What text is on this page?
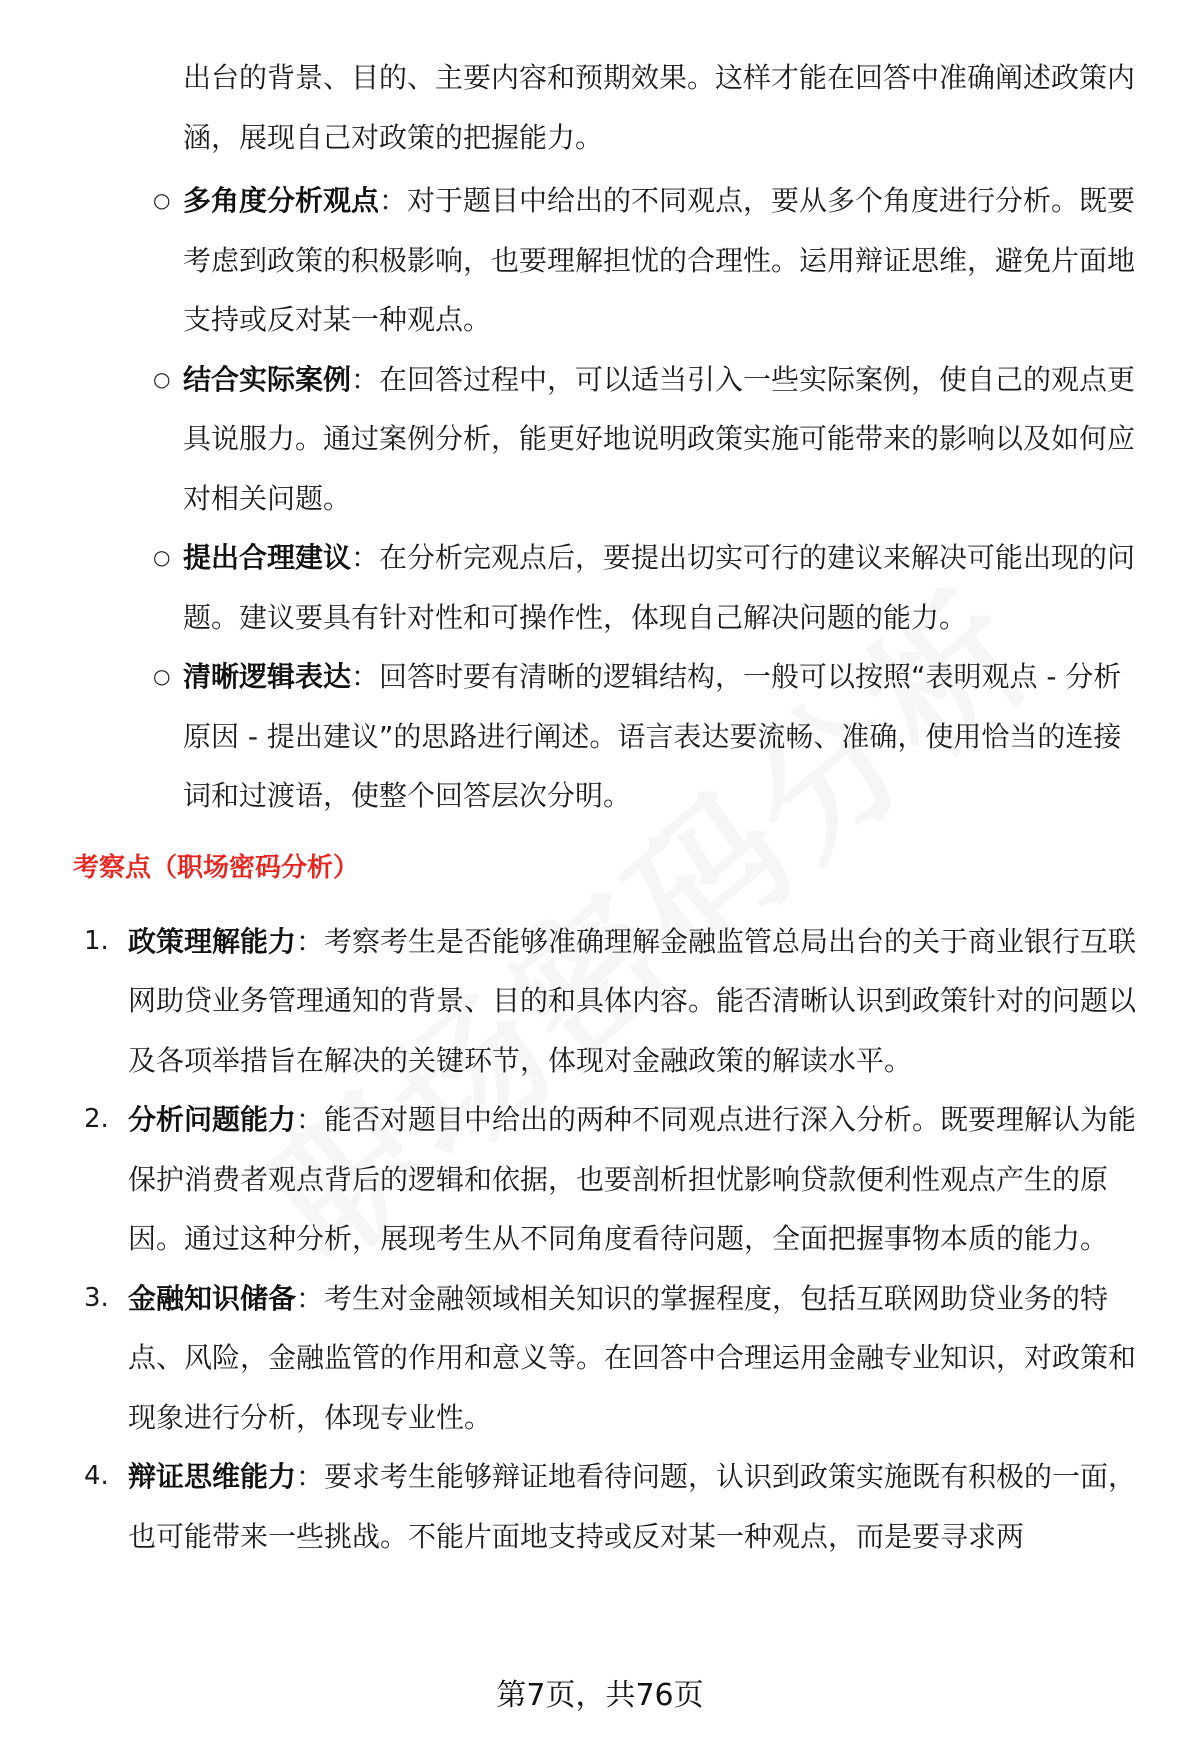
出台的背景、目的、主要内容和预期效果。这样才能在回答中准确阐述政策内涵，展现自己对政策的把握能力。
○ 多角度分析观点：对于题目中给出的不同观点，要从多个角度进行分析。既要考虑到政策的积极影响，也要理解担忧的合理性。运用辩证思维，避免片面地支持或反对某一种观点。
○ 结合实际案例：在回答过程中，可以适当引入一些实际案例，使自己的观点更具说服力。通过案例分析，能更好地说明政策实施可能带来的影响以及如何应对相关问题。
○ 提出合理建议：在分析完观点后，要提出切实可行的建议来解决可能出现的问题。建议要具有针对性和可操作性，体现自己解决问题的能力。
○ 清晰逻辑表达：回答时要有清晰的逻辑结构，一般可以按照“表明观点 - 分析原因 - 提出建议”的思路进行阐述。语言表达要流畅、准确，使用恰当的连接词和过渡语，使整个回答层次分明。
考察点（职场密码分析）
1. 政策理解能力：考察考生是否能够准确理解金融监管总局出台的关于商业银行互联网助贷业务管理通知的背景、目的和具体内容。能否清晰认识到政策针对的问题以及各项举措旨在解决的关键环节，体现对金融政策的解读水平。
2. 分析问题能力：能否对题目中给出的两种不同观点进行深入分析。既要理解认为能保护消费者观点背后的逻辑和依据，也要剖析担忧影响贷款便利性观点产生的原因。通过这种分析，展现考生从不同角度看待问题，全面把握事物本质的能力。
3. 金融知识储备：考生对金融领域相关知识的掌握程度，包括互联网助贷业务的特点、风险，金融监管的作用和意义等。在回答中合理运用金融专业知识，对政策和现象进行分析，体现专业性。
4. 辩证思维能力：要求考生能够辩证地看待问题，认识到政策实施既有积极的一面，也可能带来一些挑战。不能片面地支持或反对某一种观点，而是要寻求两
第7页，共76页
